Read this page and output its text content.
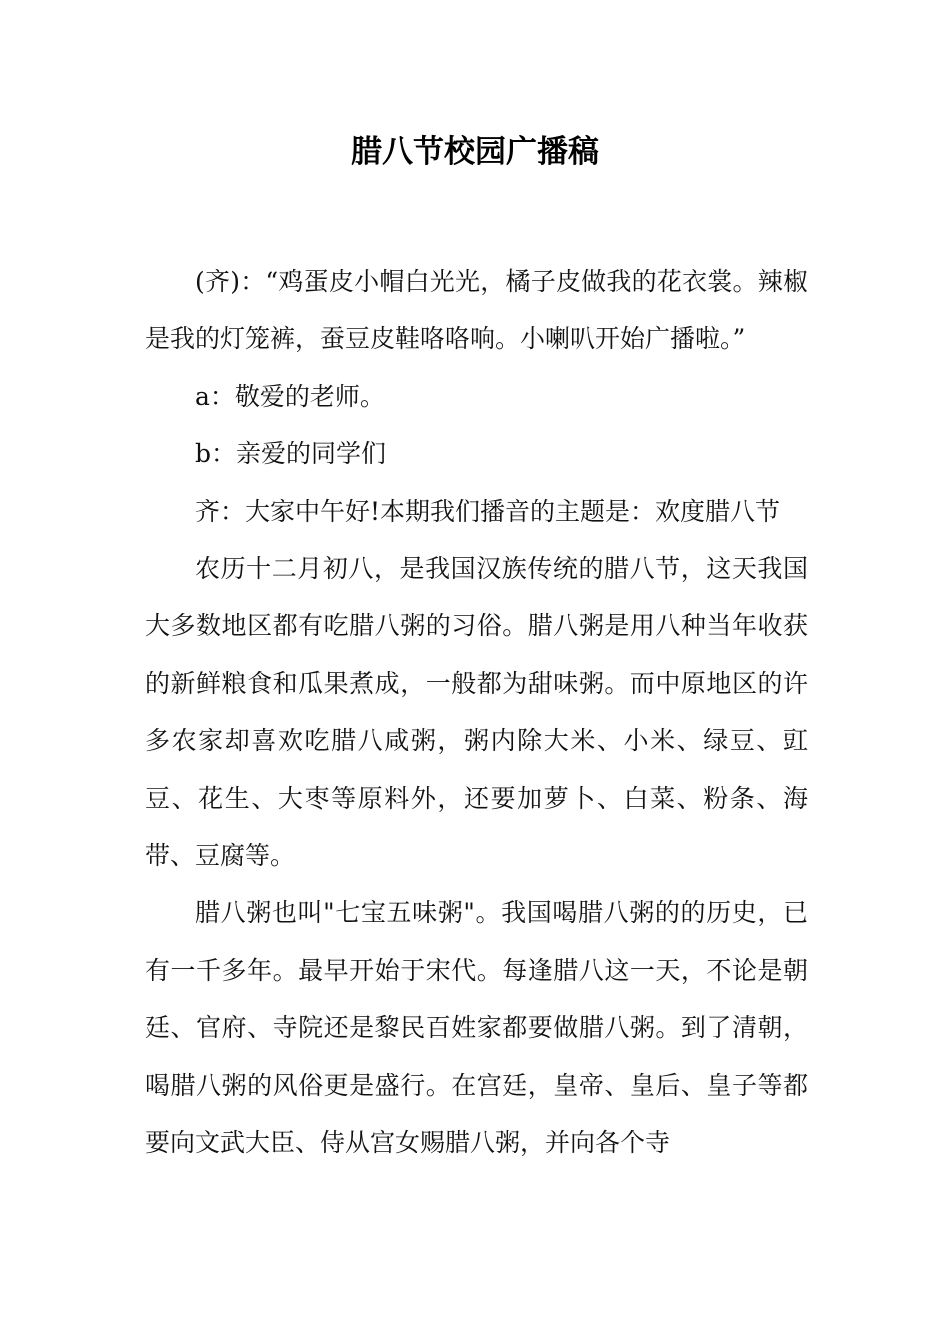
腊八节校园广播稿

(齐)：“鸡蛋皮小帽白光光，橘子皮做我的花衣裳。辣椒是我的灯笼裤，蚕豆皮鞋咯咯响。小喇叭开始广播啦。”

a：敬爱的老师。

b：亲爱的同学们

齐：大家中午好!本期我们播音的主题是：欢度腊八节

农历十二月初八，是我国汉族传统的腊八节，这天我国大多数地区都有吃腊八粥的习俗。腊八粥是用八种当年收获的新鲜粮食和瓜果煮成，一般都为甜味粥。而中原地区的许多农家却喜欢吃腊八咸粥，粥内除大米、小米、绿豆、豇豆、花生、大枣等原料外，还要加萝卜、白菜、粉条、海带、豆腐等。

腊八粥也叫"七宝五味粥"。我国喝腊八粥的的历史，已有一千多年。最早开始于宋代。每逢腊八这一天，不论是朝廷、官府、寺院还是黎民百姓家都要做腊八粥。到了清朝，喝腊八粥的风俗更是盛行。在宫廷，皇帝、皇后、皇子等都要向文武大臣、侍从宫女赐腊八粥，并向各个寺
